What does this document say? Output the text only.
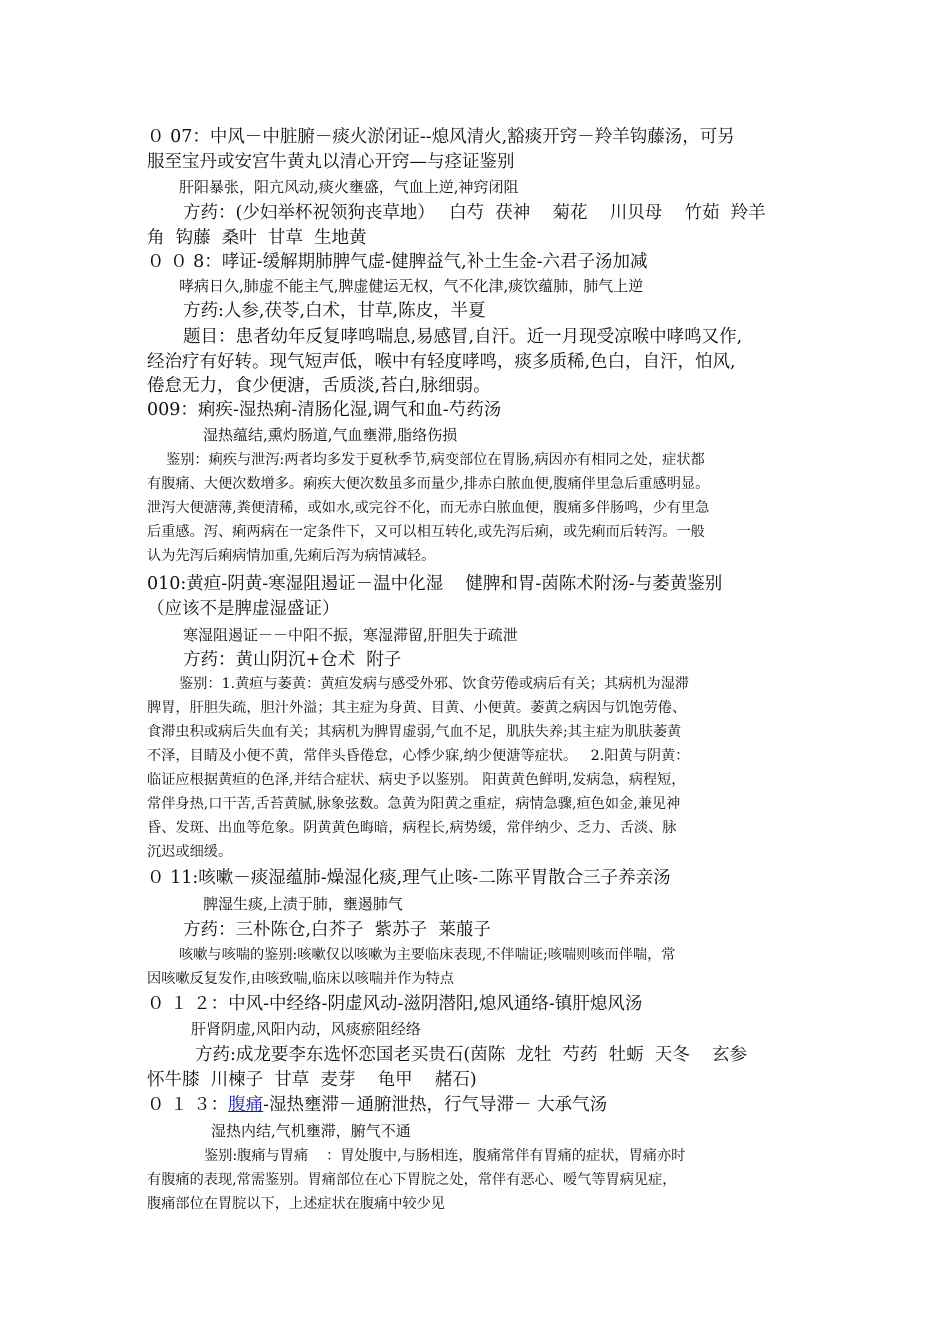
０ 07：中风－中脏腑－痰火淤闭证--熄风清火,豁痰开窍－羚羊钩藤汤，可另
服至宝丹或安宫牛黄丸以清心开窍—与痉证鉴别
肝阳暴张，阳亢风动,痰火壅盛，气血上逆,神窍闭阻
方药：(少妇举杯祝领狗丧草地）　 白芍  茯神    菊花    川贝母    竹茹  羚羊
角  钩藤  桑叶  甘草  生地黄
０ ０ 8：哮证-缓解期肺脾气虚-健脾益气,补土生金-六君子汤加减
哮病日久,肺虚不能主气,脾虚健运无权，气不化津,痰饮蕴肺，肺气上逆
方药:人参,茯苓,白术，甘草,陈皮，半夏
题目：患者幼年反复哮鸣喘息,易感冒,自汗。近一月现受凉喉中哮鸣又作,
经治疗有好转。现气短声低，喉中有轻度哮鸣，痰多质稀,色白，自汗，怕风,
倦怠无力，食少便溏，舌质淡,苔白,脉细弱。
009：痢疾-湿热痢-清肠化湿,调气和血-芍药汤
湿热蕴结,熏灼肠道,气血壅滞,脂络伤损
鉴别：痢疾与泄泻:两者均多发于夏秋季节,病变部位在胃肠,病因亦有相同之处，症状都
有腹痛、大便次数增多。痢疾大便次数虽多而量少,排赤白脓血便,腹痛伴里急后重感明显。
泄泻大便溏薄,粪便清稀，或如水,或完谷不化，而无赤白脓血便，腹痛多伴肠鸣，少有里急
后重感。泻、痢两病在一定条件下，又可以相互转化,或先泻后痢，或先痢而后转泻。一般
认为先泻后痢病情加重,先痢后泻为病情减轻。
010:黄疸-阴黄-寒湿阻遏证－温中化湿    健脾和胃-茵陈术附汤-与萎黄鉴别
（应该不是脾虚湿盛证）
寒湿阻遏证－－中阳不振，寒湿滞留,肝胆失于疏泄
方药：黄山阴沉+仓术  附子
鉴别：1.黄疸与萎黄：黄疸发病与感受外邪、饮食劳倦或病后有关；其病机为湿滞
脾胃，肝胆失疏，胆汁外溢；其主症为身黄、目黄、小便黄。萎黄之病因与饥饱劳倦、
食滞虫积或病后失血有关；其病机为脾胃虚弱,气血不足，肌肤失养;其主症为肌肤萎黄
不泽，目睛及小便不黄，常伴头昏倦怠，心悸少寐,纳少便溏等症状。   2.阳黄与阴黄：
临证应根据黄疸的色泽,并结合症状、病史予以鉴别。 阳黄黄色鲜明,发病急，病程短，
常伴身热,口干苦,舌苔黄腻,脉象弦数。急黄为阳黄之重症，病情急骤,疸色如金,兼见神
昏、发斑、出血等危象。阴黄黄色晦暗，病程长,病势缓，常伴纳少、乏力、舌淡、脉
沉迟或细缓。
０ 11:咳嗽－痰湿蕴肺-燥湿化痰,理气止咳-二陈平胃散合三子养亲汤
脾湿生痰,上渍于肺，壅遏肺气
方药：三朴陈仓,白芥子  紫苏子  莱菔子
咳嗽与咳喘的鉴别:咳嗽仅以咳嗽为主要临床表现,不伴喘证;咳喘则咳而伴喘，常
因咳嗽反复发作,由咳致喘,临床以咳喘并作为特点
０ １ ２：中风-中经络-阴虚风动-滋阴潜阳,熄风通络-镇肝熄风汤
肝肾阴虚,风阳内动，风痰瘀阻经络
方药:成龙要李东选怀恋国老买贵石(茵陈  龙牡  芍药  牡蛎  天冬    玄参
怀牛膝  川楝子  甘草  麦芽    龟甲    赭石)
０ １ ３：腹痛-湿热壅滞－通腑泄热，行气导滞－ 大承气汤
湿热内结,气机壅滞，腑气不通
鉴别:腹痛与胃痛    ：胃处腹中,与肠相连，腹痛常伴有胃痛的症状，胃痛亦时
有腹痛的表现,常需鉴别。胃痛部位在心下胃脘之处，常伴有恶心、嗳气等胃病见症，
腹痛部位在胃脘以下，上述症状在腹痛中较少见
